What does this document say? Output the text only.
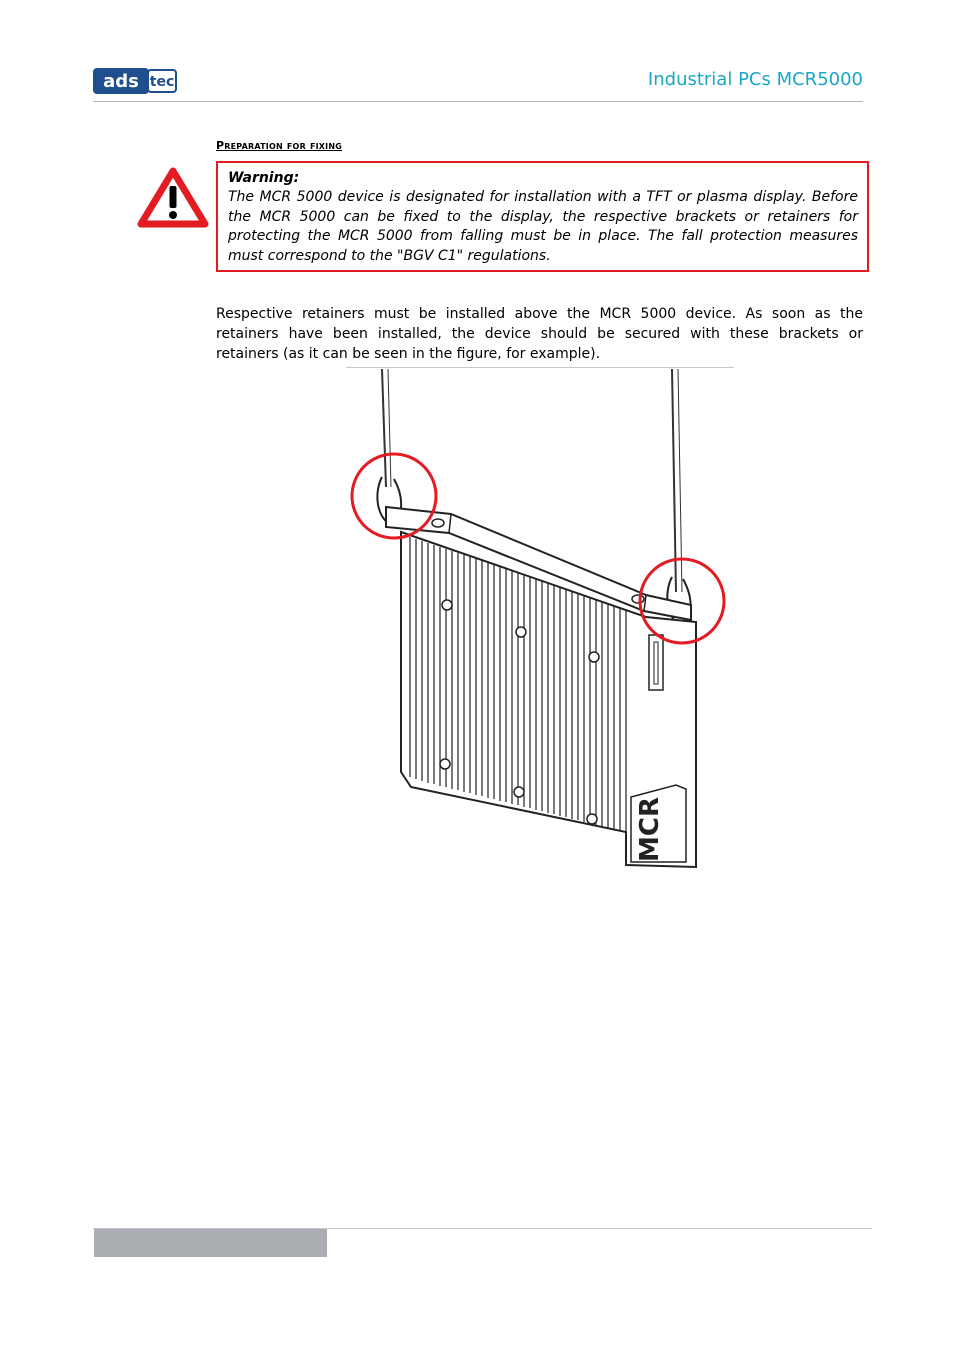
ads tec	Industrial PCs MCR5000
Preparation for fixing
Warning:
The MCR 5000 device is designated for installation with a TFT or plasma display. Before the MCR 5000 can be fixed to the display, the respective brackets or retainers for protecting the MCR 5000 from falling must be in place. The fall protection measures must correspond to the "BGV C1" regulations.

Respective retainers must be installed above the MCR 5000 device. As soon as the retainers have been installed, the device should be secured with these brackets or retainers (as it can be seen in the figure, for example).

MCR
